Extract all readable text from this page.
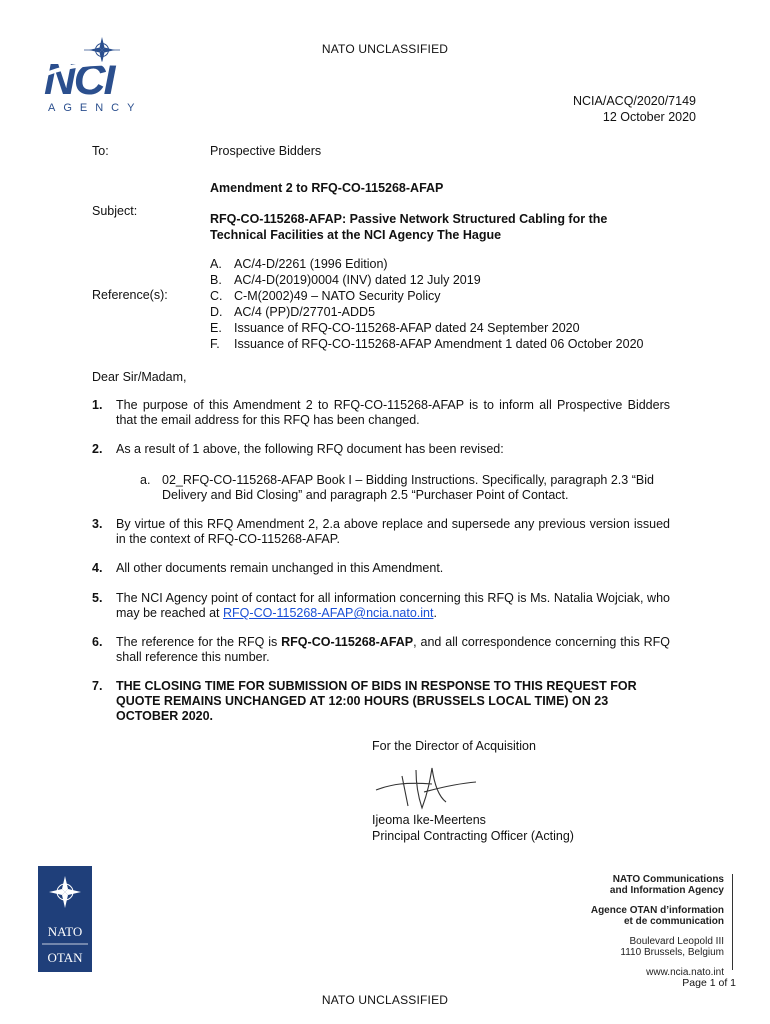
NATO UNCLASSIFIED
NCI
AGENCY	NCIA/ACQ/2020/7149
12 October 2020
To:	Prospective Bidders
Amendment 2 to RFQ-CO-115268-AFAP
Subject:
RFQ-CO-115268-AFAP: Passive Network Structured Cabling for the
Technical Facilities at the NCI Agency The Hague
Reference(s):
A. AC/4-D/2261 (1996 Edition)
B. AC/4-D(2019)0004 (INV) dated 12 July 2019
C. C-M(2002)49 – NATO Security Policy
D. AC/4 (PP)D/27701-ADD5
E. Issuance of RFQ-CO-115268-AFAP dated 24 September 2020
F. Issuance of RFQ-CO-115268-AFAP Amendment 1 dated 06 October 2020
Dear Sir/Madam,
1. The purpose of this Amendment 2 to RFQ-CO-115268-AFAP is to inform all Prospective Bidders that the email address for this RFQ has been changed.
2. As a result of 1 above, the following RFQ document has been revised:
a. 02_RFQ-CO-115268-AFAP Book I – Bidding Instructions. Specifically, paragraph 2.3 “Bid Delivery and Bid Closing” and paragraph 2.5 “Purchaser Point of Contact.
3. By virtue of this RFQ Amendment 2, 2.a above replace and supersede any previous version issued in the context of RFQ-CO-115268-AFAP.
4. All other documents remain unchanged in this Amendment.
5. The NCI Agency point of contact for all information concerning this RFQ is Ms. Natalia Wojciak, who may be reached at RFQ-CO-115268-AFAP@ncia.nato.int.
6. The reference for the RFQ is RFQ-CO-115268-AFAP, and all correspondence concerning this RFQ shall reference this number.
7. THE CLOSING TIME FOR SUBMISSION OF BIDS IN RESPONSE TO THIS REQUEST FOR QUOTE REMAINS UNCHANGED AT 12:00 HOURS (BRUSSELS LOCAL TIME) ON 23 OCTOBER 2020.
For the Director of Acquisition
Ijeoma Ike-Meertens
Principal Contracting Officer (Acting)
NATO
OTAN
NATO Communications
and Information Agency
Agence OTAN d’information
et de communication
Boulevard Leopold III
1110 Brussels, Belgium
www.ncia.nato.int
Page 1 of 1
NATO UNCLASSIFIED
